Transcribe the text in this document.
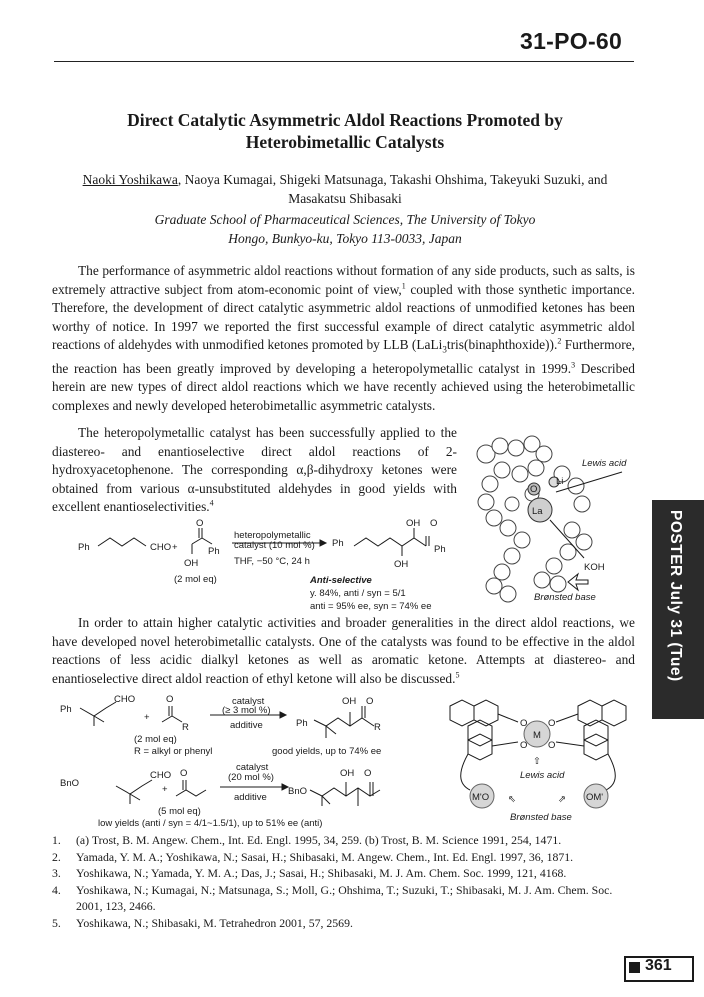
31-PO-60
Direct Catalytic Asymmetric Aldol Reactions Promoted by
Heterobimetallic Catalysts
Naoki Yoshikawa, Naoya Kumagai, Shigeki Matsunaga, Takashi Ohshima, Takeyuki Suzuki, and
Masakatsu Shibasaki
Graduate School of Pharmaceutical Sciences, The University of Tokyo
Hongo, Bunkyo-ku, Tokyo 113-0033, Japan

The performance of asymmetric aldol reactions without formation of any side products, such as salts, is extremely attractive subject from atom-economic point of view,$^1$ coupled with those synthetic importance. Therefore, the development of direct catalytic asymmetric aldol reactions of unmodified ketones has been worthy of notice. In 1997 we reported the first successful example of direct catalytic asymmetric aldol reactions of aldehydes with unmodified ketones promoted by LLB (LaLi$_3$tris(binaphthoxide)).$^2$ Furthermore, the reaction has been greatly improved by developing a heteropolymetallic catalyst in 1999.$^3$ Described herein are new types of direct aldol reactions which we have recently achieved using the heterobimetallic complexes and newly developed heterobimetallic asymmetric catalysts.

The heteropolymetallic catalyst has been successfully applied to the diastereo- and enantioselective direct aldol reactions of 2-hydroxyacetophenone. The corresponding α,β-dihydroxy ketones were obtained from various α-unsubstituted aldehydes in good yields with excellent enantioselectivities.$^4$

Ph	CHO +
O
Ph
OH
(2 mol eq)
heteropolymetallic
catalyst (10 mol %)
THF, −50 °C, 24 h
Ph
OH O
Ph
OH
Anti-selective
y. 84%, anti / syn = 5/1
anti = 95% ee, syn = 74% ee
Lewis acid
Li
O
La
KOH
Brønsted base

In order to attain higher catalytic activities and broader generalities in the direct aldol reactions, we have developed novel heterobimetallic catalysts. One of the catalysts was found to be effective in the aldol reactions of less acidic dialkyl ketones as well as aromatic ketone. Attempts at diastereo- and enantioselective direct aldol reaction of ethyl ketone will also be discussed.$^5$

Ph
CHO
+
O
R
catalyst
(≥ 3 mol %)
additive
(2 mol eq)
R = alkyl or phenyl
Ph
OH O
R
good yields, up to 74% ee
BnO
CHO
+
O
catalyst
(20 mol %)
additive
(5 mol eq)
BnO
OH O
low yields (anti / syn = 4/1~1.5/1), up to 51% ee (anti)
O O
O O
M
⇧
Lewis acid
M'O	OM'
⇖	⇗
Brønsted base
1.	(a) Trost, B. M. Angew. Chem., Int. Ed. Engl. 1995, 34, 259. (b) Trost, B. M. Science 1991, 254, 1471.
2.	Yamada, Y. M. A.; Yoshikawa, N.; Sasai, H.; Shibasaki, M. Angew. Chem., Int. Ed. Engl. 1997, 36, 1871.
3.	Yoshikawa, N.; Yamada, Y. M. A.; Das, J.; Sasai, H.; Shibasaki, M. J. Am. Chem. Soc. 1999, 121, 4168.
4.	Yoshikawa, N.; Kumagai, N.; Matsunaga, S.; Moll, G.; Ohshima, T.; Suzuki, T.; Shibasaki, M. J. Am. Chem. Soc. 2001, 123, 2466.
5.	Yoshikawa, N.; Shibasaki, M. Tetrahedron 2001, 57, 2569.
POSTER July 31 (Tue)
361
